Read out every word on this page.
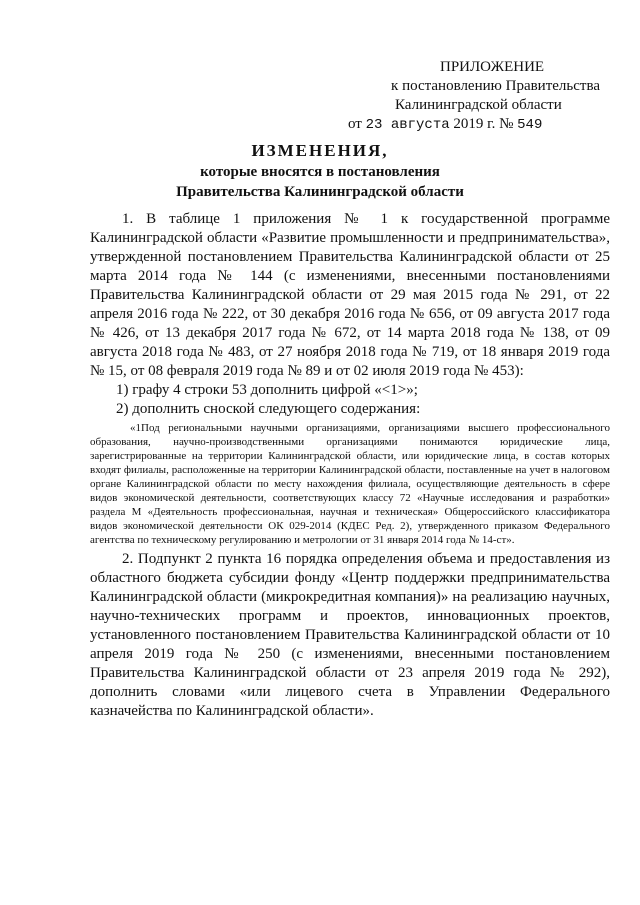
ПРИЛОЖЕНИЕ
к постановлению Правительства
Калининградской области
от 23 августа 2019 г. № 549
ИЗМЕНЕНИЯ,
которые вносятся в постановления
Правительства Калининградской области

1. В таблице 1 приложения № 1 к государственной программе Калининградской области «Развитие промышленности и предпринимательства», утвержденной постановлением Правительства Калининградской области от 25 марта 2014 года № 144 (с изменениями, внесенными постановлениями Правительства Калининградской области от 29 мая 2015 года № 291, от 22 апреля 2016 года № 222, от 30 декабря 2016 года № 656, от 09 августа 2017 года № 426, от 13 декабря 2017 года № 672, от 14 марта 2018 года № 138, от 09 августа 2018 года № 483, от 27 ноября 2018 года № 719, от 18 января 2019 года № 15, от 08 февраля 2019 года № 89 и от 02 июля 2019 года № 453):

1) графу 4 строки 53 дополнить цифрой «<1>»;

2) дополнить сноской следующего содержания:

«1Под региональными научными организациями, организациями высшего профессионального образования, научно-производственными организациями понимаются юридические лица, зарегистрированные на территории Калининградской области, или юридические лица, в состав которых входят филиалы, расположенные на территории Калининградской области, поставленные на учет в налоговом органе Калининградской области по месту нахождения филиала, осуществляющие деятельность в сфере видов экономической деятельности, соответствующих классу 72 «Научные исследования и разработки» раздела М «Деятельность профессиональная, научная и техническая» Общероссийского классификатора видов экономической деятельности ОК 029-2014 (КДЕС Ред. 2), утвержденного приказом Федерального агентства по техническому регулированию и метрологии от 31 января 2014 года № 14-ст».

2. Подпункт 2 пункта 16 порядка определения объема и предоставления из областного бюджета субсидии фонду «Центр поддержки предпринимательства Калининградской области (микрокредитная компания)» на реализацию научных, научно-технических программ и проектов, инновационных проектов, установленного постановлением Правительства Калининградской области от 10 апреля 2019 года № 250 (с изменениями, внесенными постановлением Правительства Калининградской области от 23 апреля 2019 года № 292), дополнить словами «или лицевого счета в Управлении Федерального казначейства по Калининградской области».
